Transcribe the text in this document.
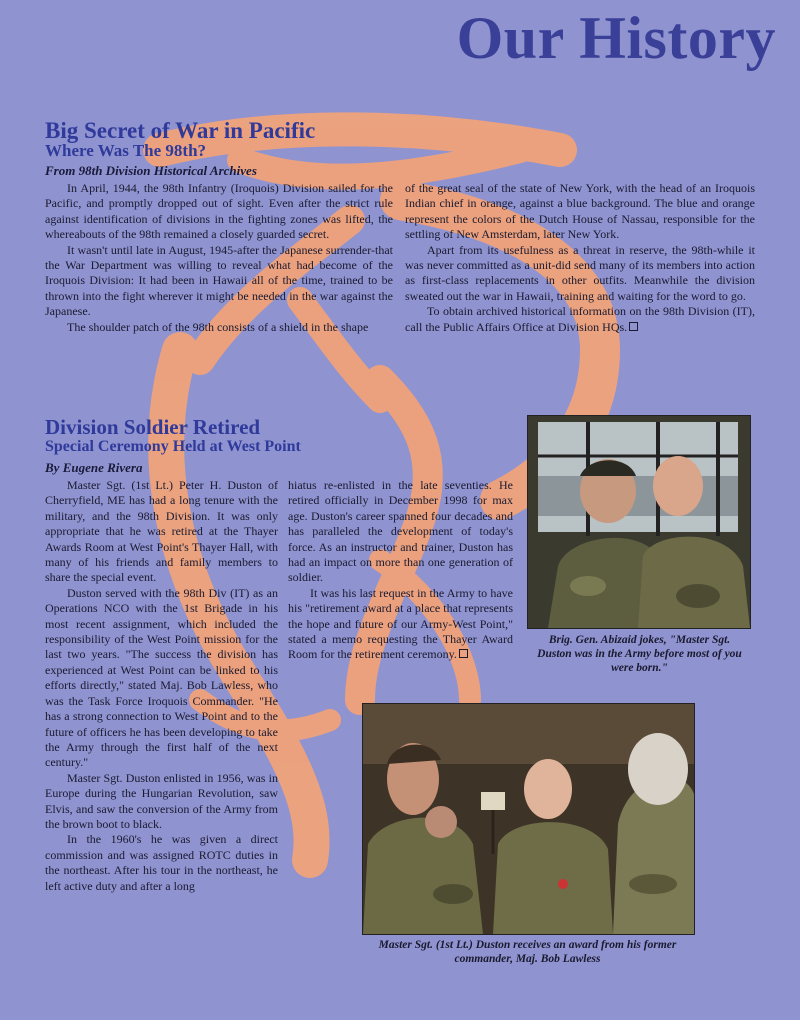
Our History
Big Secret of War in Pacific
Where Was The 98th?
From 98th Division Historical Archives

In April, 1944, the 98th Infantry (Iroquois) Division sailed for the Pacific, and promptly dropped out of sight. Even after the strict rule against identification of divisions in the fighting zones was lifted, the whereabouts of the 98th remained a closely guarded secret.

It wasn't until late in August, 1945-after the Japanese surrender-that the War Department was willing to reveal what had become of the Iroquois Division: It had been in Hawaii all of the time, trained to be thrown into the fight wherever it might be needed in the war against the Japanese.

The shoulder patch of the 98th consists of a shield in the shape

of the great seal of the state of New York, with the head of an Iroquois Indian chief in orange, against a blue background. The blue and orange represent the colors of the Dutch House of Nassau, responsible for the settling of New Amsterdam, later New York.

Apart from its usefulness as a threat in reserve, the 98th-while it was never committed as a unit-did send many of its members into action as first-class replacements in other outfits. Meanwhile the division sweated out the war in Hawaii, training and waiting for the word to go.

To obtain archived historical information on the 98th Division (IT), call the Public Affairs Office at Division HQs.

Division Soldier Retired
Special Ceremony Held at West Point
By Eugene Rivera

Master Sgt. (1st Lt.) Peter H. Duston of Cherryfield, ME has had a long tenure with the military, and the 98th Division. It was only appropriate that he was retired at the Thayer Awards Room at West Point's Thayer Hall, with many of his friends and family members to share the special event.

Duston served with the 98th Div (IT) as an Operations NCO with the 1st Brigade in his most recent assignment, which included the responsibility of the West Point mission for the last two years. "The success the division has experienced at West Point can be linked to his efforts directly," stated Maj. Bob Lawless, who was the Task Force Iroquois Commander. "He has a strong connection to West Point and to the future of officers he has been developing to take the Army through the first half of the next century."

Master Sgt. Duston enlisted in 1956, was in Europe during the Hungarian Revolution, saw Elvis, and saw the conversion of the Army from the brown boot to black.

In the 1960's he was given a direct commission and was assigned ROTC duties in the northeast. After his tour in the northeast, he left active duty and after a long

hiatus re-enlisted in the late seventies. He retired officially in December 1998 for max age. Duston's career spanned four decades and has paralleled the development of today's force. As an instructor and trainer, Duston has had an impact on more than one generation of soldier.

It was his last request in the Army to have his "retirement award at a place that represents the hope and future of our Army-West Point," stated a memo requesting the Thayer Award Room for the retirement ceremony.

Brig. Gen. Abizaid jokes, "Master Sgt. Duston was in the Army before most of you were born."
Master Sgt. (1st Lt.) Duston receives an award from his former commander, Maj. Bob Lawless
